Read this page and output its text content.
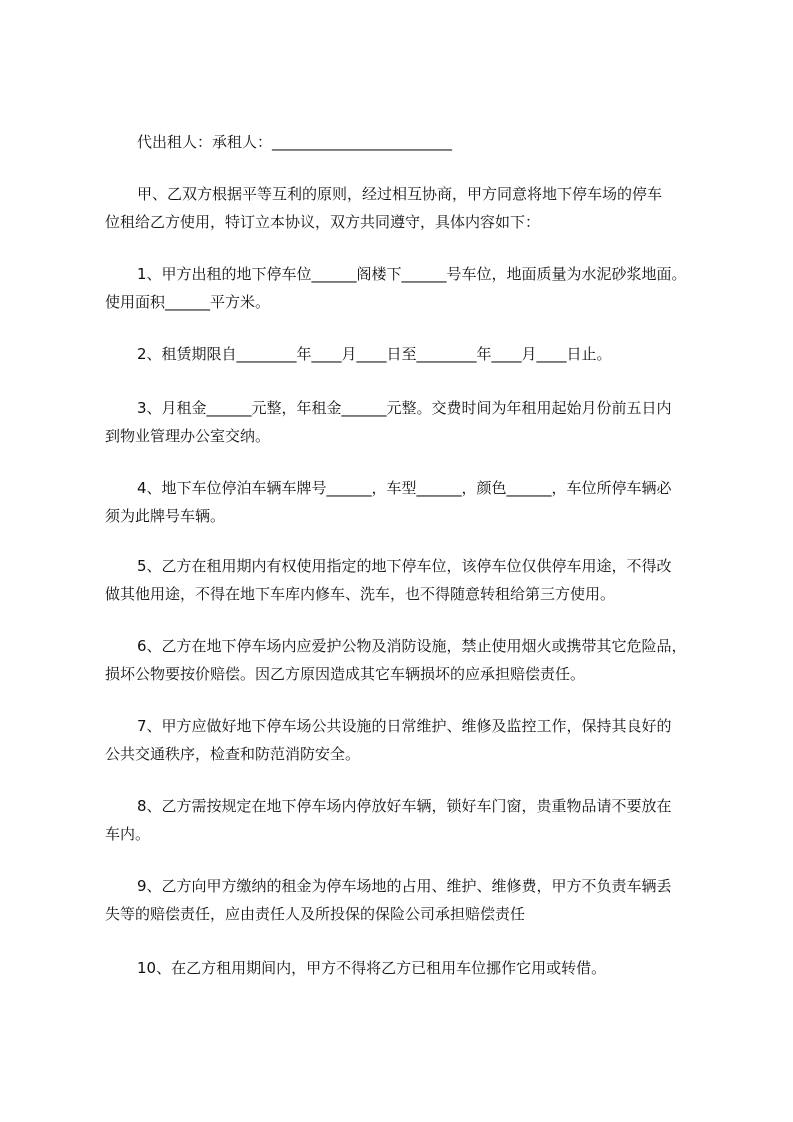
代出租人：承租人：________________________
甲、乙双方根据平等互利的原则，经过相互协商，甲方同意将地下停车场的停车
位租给乙方使用，特订立本协议，双方共同遵守，具体内容如下：
1、甲方出租的地下停车位______阁楼下______号车位，地面质量为水泥砂浆地面。
使用面积______平方米。
2、租赁期限自________年____月____日至________年____月____日止。
3、月租金______元整，年租金______元整。交费时间为年租用起始月份前五日内
到物业管理办公室交纳。
4、地下车位停泊车辆车牌号______，车型______，颜色______，车位所停车辆必
须为此牌号车辆。
5、乙方在租用期内有权使用指定的地下停车位，该停车位仅供停车用途，不得改
做其他用途，不得在地下车库内修车、洗车，也不得随意转租给第三方使用。
6、乙方在地下停车场内应爱护公物及消防设施，禁止使用烟火或携带其它危险品，
损坏公物要按价赔偿。因乙方原因造成其它车辆损坏的应承担赔偿责任。
7、甲方应做好地下停车场公共设施的日常维护、维修及监控工作，保持其良好的
公共交通秩序，检查和防范消防安全。
8、乙方需按规定在地下停车场内停放好车辆，锁好车门窗，贵重物品请不要放在
车内。
9、乙方向甲方缴纳的租金为停车场地的占用、维护、维修费，甲方不负责车辆丢
失等的赔偿责任，应由责任人及所投保的保险公司承担赔偿责任
10、在乙方租用期间内，甲方不得将乙方已租用车位挪作它用或转借。
